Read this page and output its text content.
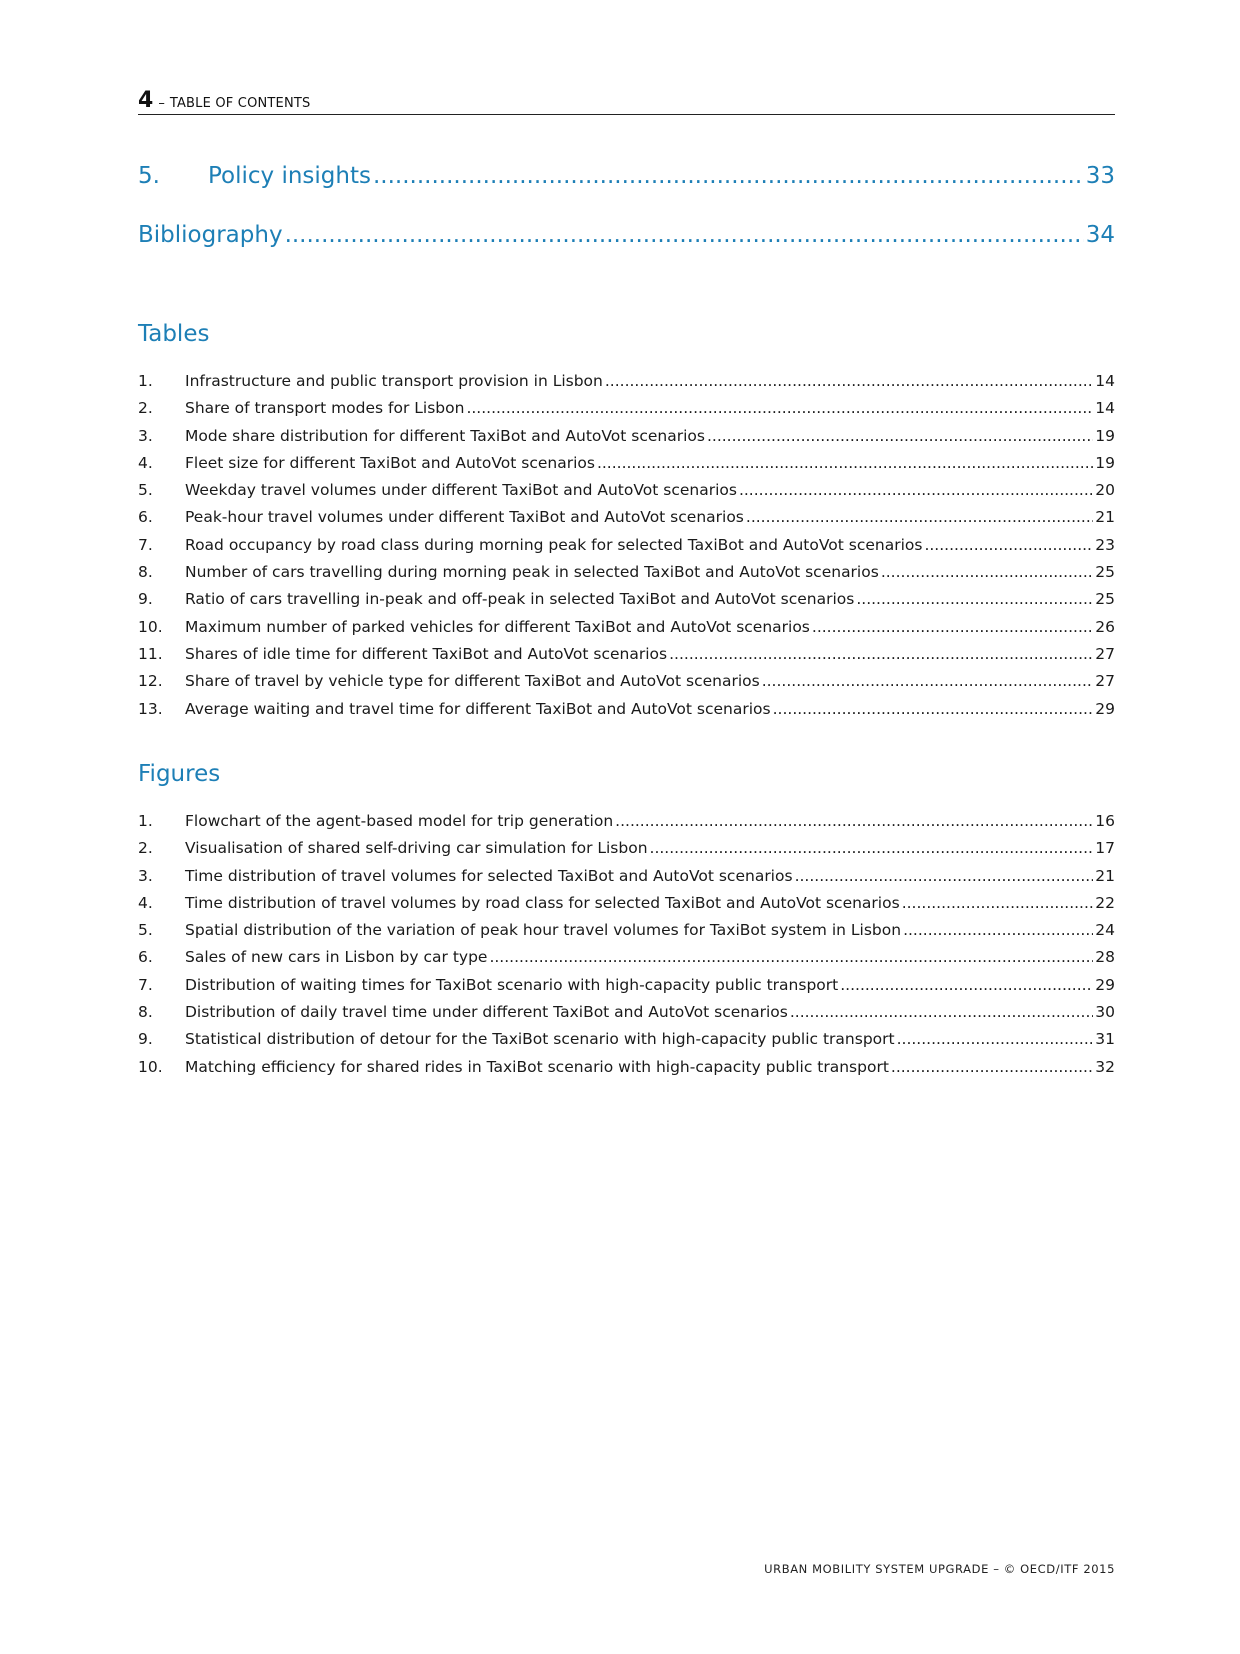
4 – TABLE OF CONTENTS
5.	Policy insights .....	33
Bibliography .....	34
Tables
1.	Infrastructure and public transport provision in Lisbon .....	14
2.	Share of transport modes for Lisbon .....	14
3.	Mode share distribution for different TaxiBot and AutoVot scenarios .....	19
4.	Fleet size for different TaxiBot and AutoVot scenarios .....	19
5.	Weekday travel volumes under different TaxiBot and AutoVot scenarios .....	20
6.	Peak-hour travel volumes under different TaxiBot and AutoVot scenarios .....	21
7.	Road occupancy by road class during morning peak for selected TaxiBot and AutoVot scenarios .....	23
8.	Number of cars travelling during morning peak in selected TaxiBot and AutoVot scenarios .....	25
9.	Ratio of cars travelling in-peak and off-peak in selected TaxiBot and AutoVot scenarios .....	25
10.	Maximum number of parked vehicles for different TaxiBot and AutoVot scenarios .....	26
11.	Shares of idle time for different TaxiBot and AutoVot scenarios .....	27
12.	Share of travel by vehicle type for different TaxiBot and AutoVot scenarios .....	27
13.	Average waiting and travel time for different TaxiBot and AutoVot scenarios .....	29
Figures
1.	Flowchart of the agent-based model for trip generation .....	16
2.	Visualisation of shared self-driving car simulation for Lisbon .....	17
3.	Time distribution of travel volumes for selected TaxiBot and AutoVot scenarios .....	21
4.	Time distribution of travel volumes by road class for selected TaxiBot and AutoVot scenarios .....	22
5.	Spatial distribution of the variation of peak hour travel volumes for TaxiBot system in Lisbon .....	24
6.	Sales of new cars in Lisbon by car type .....	28
7.	Distribution of waiting times for TaxiBot scenario with high-capacity public transport .....	29
8.	Distribution of daily travel time under different TaxiBot and AutoVot scenarios .....	30
9.	Statistical distribution of detour for the TaxiBot scenario with high-capacity public transport .....	31
10.	Matching efficiency for shared rides in TaxiBot scenario with high-capacity public transport .....	32
URBAN MOBILITY SYSTEM UPGRADE – © OECD/ITF 2015
